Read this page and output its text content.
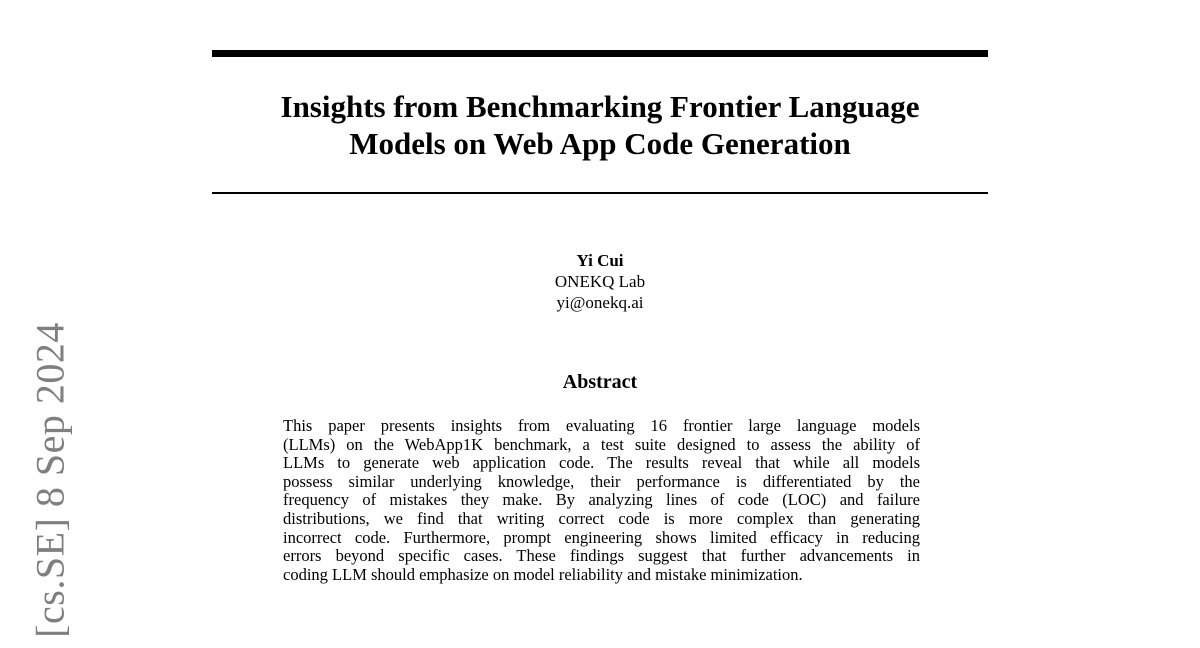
[cs.SE] 8 Sep 2024
Insights from Benchmarking Frontier Language
Models on Web App Code Generation
Yi Cui
ONEKQ Lab
yi@onekq.ai
Abstract
This paper presents insights from evaluating 16 frontier large language models
(LLMs) on the WebApp1K benchmark, a test suite designed to assess the ability of
LLMs to generate web application code. The results reveal that while all models
possess similar underlying knowledge, their performance is differentiated by the
frequency of mistakes they make. By analyzing lines of code (LOC) and failure
distributions, we find that writing correct code is more complex than generating
incorrect code. Furthermore, prompt engineering shows limited efficacy in reducing
errors beyond specific cases. These findings suggest that further advancements in
coding LLM should emphasize on model reliability and mistake minimization.
